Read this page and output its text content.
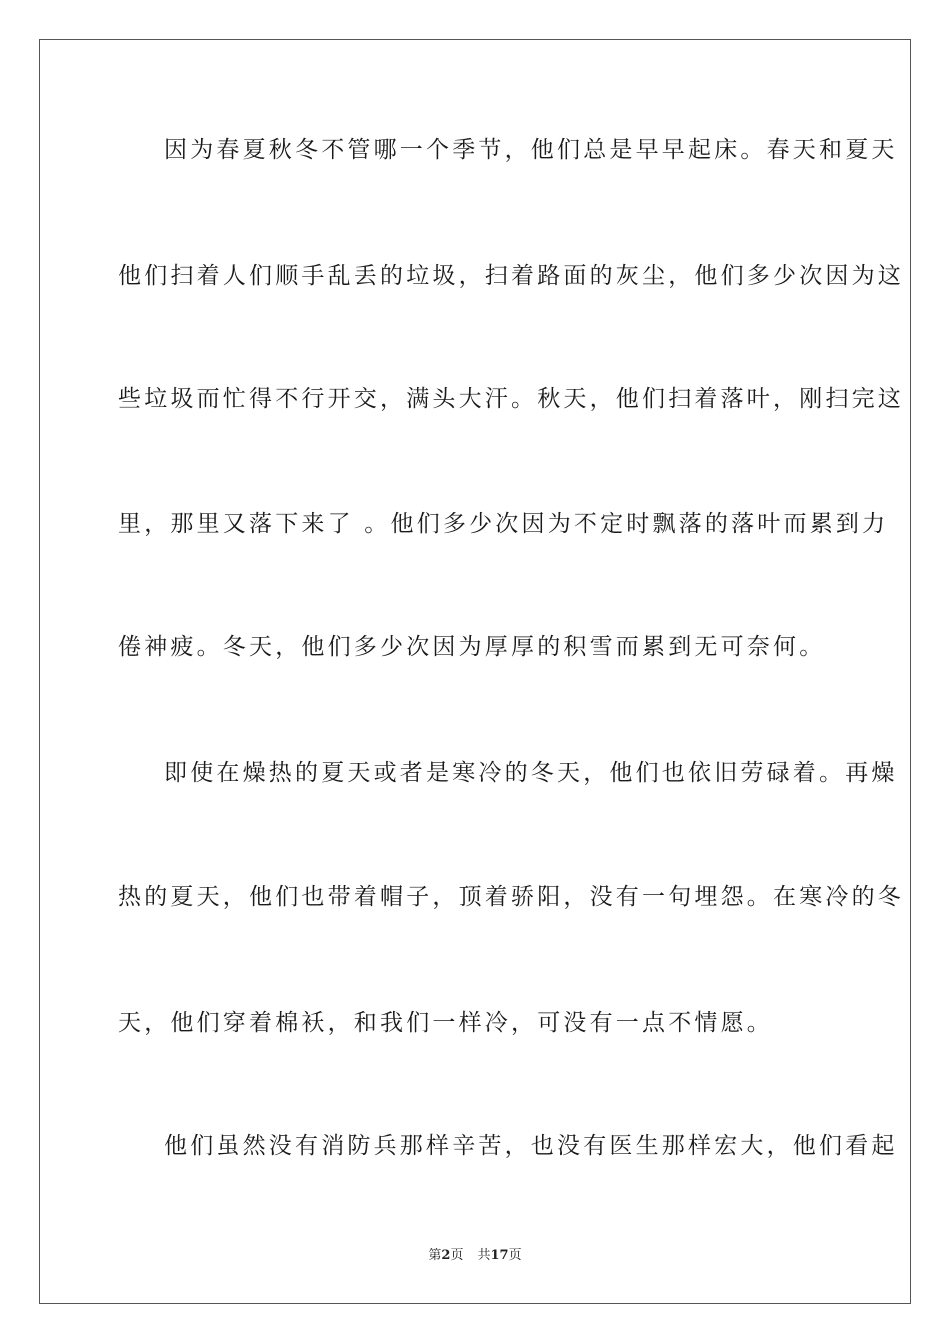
因为春夏秋冬不管哪一个季节，他们总是早早起床。春天和夏天
他们扫着人们顺手乱丢的垃圾，扫着路面的灰尘，他们多少次因为这
些垃圾而忙得不行开交，满头大汗。秋天，他们扫着落叶，刚扫完这
里，那里又落下来了 。他们多少次因为不定时飘落的落叶而累到力
倦神疲。冬天，他们多少次因为厚厚的积雪而累到无可奈何。
即使在燥热的夏天或者是寒冷的冬天，他们也依旧劳碌着。再燥
热的夏天，他们也带着帽子，顶着骄阳，没有一句埋怨。在寒冷的冬
天，他们穿着棉袄，和我们一样冷，可没有一点不情愿。
他们虽然没有消防兵那样辛苦，也没有医生那样宏大，他们看起
第2页 共17页
